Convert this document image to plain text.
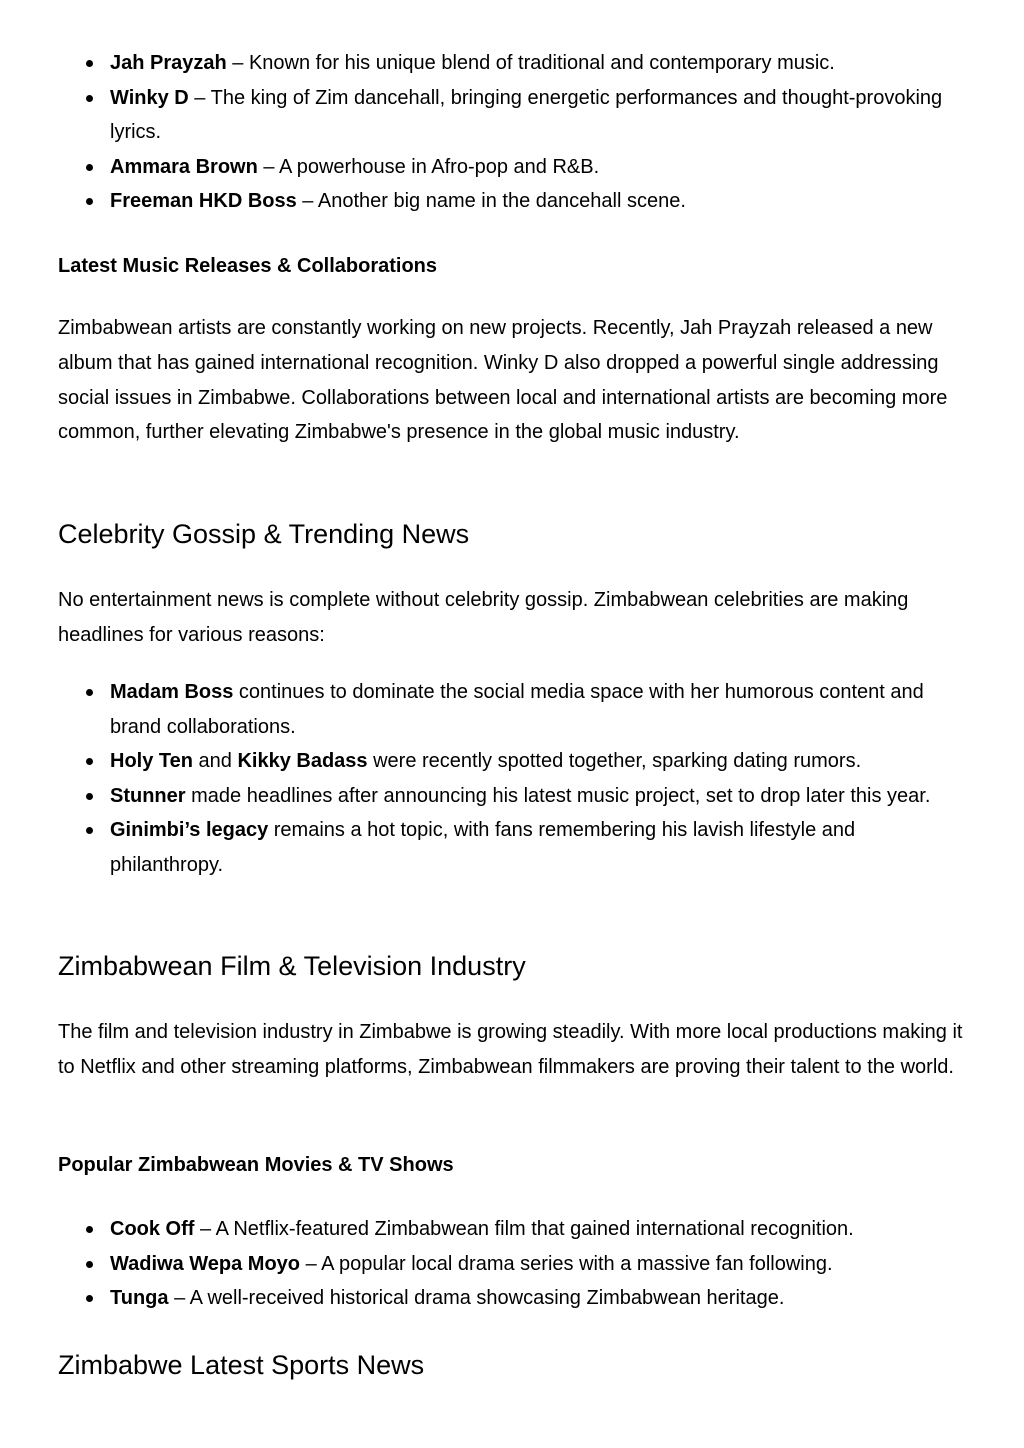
Jah Prayzah – Known for his unique blend of traditional and contemporary music.
Winky D – The king of Zim dancehall, bringing energetic performances and thought-provoking lyrics.
Ammara Brown – A powerhouse in Afro-pop and R&B.
Freeman HKD Boss – Another big name in the dancehall scene.
Latest Music Releases & Collaborations

Zimbabwean artists are constantly working on new projects. Recently, Jah Prayzah released a new album that has gained international recognition. Winky D also dropped a powerful single addressing social issues in Zimbabwe. Collaborations between local and international artists are becoming more common, further elevating Zimbabwe's presence in the global music industry.

Celebrity Gossip & Trending News

No entertainment news is complete without celebrity gossip. Zimbabwean celebrities are making headlines for various reasons:

Madam Boss continues to dominate the social media space with her humorous content and brand collaborations.
Holy Ten and Kikky Badass were recently spotted together, sparking dating rumors.
Stunner made headlines after announcing his latest music project, set to drop later this year.
Ginimbi’s legacy remains a hot topic, with fans remembering his lavish lifestyle and philanthropy.
Zimbabwean Film & Television Industry

The film and television industry in Zimbabwe is growing steadily. With more local productions making it to Netflix and other streaming platforms, Zimbabwean filmmakers are proving their talent to the world.

Popular Zimbabwean Movies & TV Shows
Cook Off – A Netflix-featured Zimbabwean film that gained international recognition.
Wadiwa Wepa Moyo – A popular local drama series with a massive fan following.
Tunga – A well-received historical drama showcasing Zimbabwean heritage.
Zimbabwe Latest Sports News
